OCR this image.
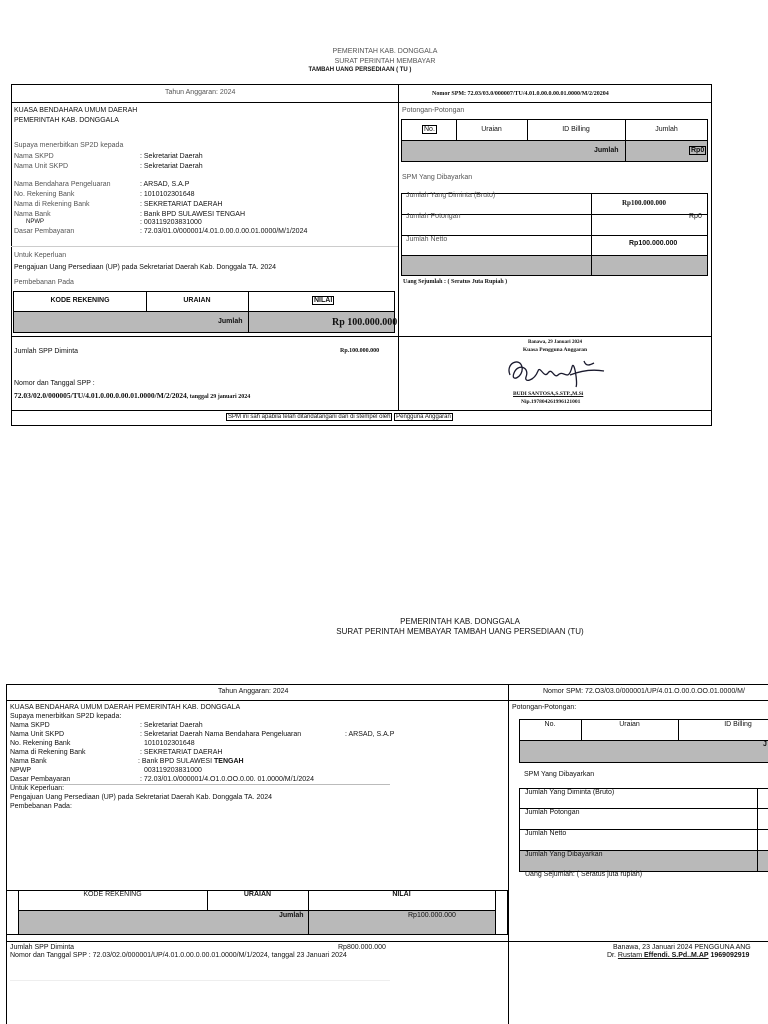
PEMERINTAH KAB. DONGGALA
SURAT PERINTAH MEMBAYAR
TAMBAH UANG PERSEDIAAN ( TU )
Tahun Anggaran: 2024	Nomor SPM: 72.03/03.0/000007/TU/4.01.0.00.0.00.01.0000/M/2/20204
KUASA BENDAHARA UMUM DAERAH
PEMERINTAH KAB. DONGGALA
Supaya menerbitkan SP2D kepada
Nama SKPD	: Sekretariat Daerah
Nama Unit SKPD	: Sekretariat Daerah
Nama Bendahara Pengeluaran	: ARSAD, S.A.P
No. Rekening Bank	: 1010102301648
Nama di Rekening Bank	: SEKRETARIAT DAERAH
Nama Bank	: Bank BPD SULAWESI TENGAH
NPWP	: 003119203831000
Dasar Pembayaran	: 72.03/01.0/000001/4.01.0.00.0.00.01.0000/M/1/2024
Untuk Keperluan
Pengajuan Uang Persediaan (UP) pada Sekretariat Daerah Kab. Donggala TA. 2024
Pembebanan Pada
KODE REKENING	URAIAN	NILAI
Jumlah	Rp 100.000.000
Potongan-Potongan
No.	Uraian	ID Billing	Jumlah
Jumlah	Rp0
SPM Yang Dibayarkan
Jumlah Yang Diminta (Bruto)
Rp100.000.000
Jumlah Potongan	Rp0
Jumlah Netto
Rp100.000.000
Uang Sejumlah : ( Seratus Juta Rupiah )
Jumlah SPP Diminta	Rp.100.000.000
Nomor dan Tanggal SPP :
72.03/02.0/000005/TU/4.01.0.00.0.00.01.0000/M/2/2024, tanggal 29 januari 2024
Banawa, 29 Januari 2024
Kuasa Pengguna Anggaran
BUDI SANTOSA,S.STP.,M.Si
Nip.197804261996121001
SPM ini sah apabila telah ditandatangani dan di stempel oleh Pengguna Anggaran
PEMERINTAH KAB. DONGGALA
SURAT PERINTAH MEMBAYAR TAMBAH UANG PERSEDIAAN (TU)
Tahun Anggaran: 2024	Nomor SPM: 72.O3/03.0/000001/UP/4.01.O.00.0.OO.01.0000/M/
KUASA BENDAHARA UMUM DAERAH PEMERINTAH KAB. DONGGALA
Supaya menerbitkan SP2D kepada:
Nama SKPD	: Sekretariat Daerah
Nama Unit SKPD	: Sekretariat Daerah Nama Bendahara Pengeluaran	: ARSAD, S.A.P
No. Rekening Bank	1010102301648
Nama di Rekening Bank	: SEKRETARIAT DAERAH
Nama Bank	: Bank BPD SULAWESI TENGAH
NPWP	003119203831000
Dasar Pembayaran	: 72.03/01.0/000001/4.O1.0.OO.0.00. 01.0000/M/1/2024
Untuk Keperluan:
Pengajuan Uang Persediaan (UP) pada Sekretariat Daerah Kab. Donggala TA. 2024
Pembebanan Pada:
KODE REKENING	URAIAN	NILAI
Jumlah	Rp100.000.000
Potongan-Potongan:
No.	Uraian	ID Billing
J
SPM Yang Dibayarkan
Jumlah Yang Diminta (Bruto)
Jumlah Potongan
Jumlah Netto
Jumlah Yang Dibayarkan
Uang Sejumlah: ( Seratus juta rupiah)
Jumlah SPP Diminta	Rp800.000.000
Nomor dan Tanggal SPP : 72.03/02.0/000001/UP/4.01.0.00.0.00.01.0000/M/1/2024, tanggal 23 Januari 2024
Banawa, 23 Januari 2024 PENGGUNA ANG
Dr. Rustam Effendi. S.Pd..M.AP 1969092919
